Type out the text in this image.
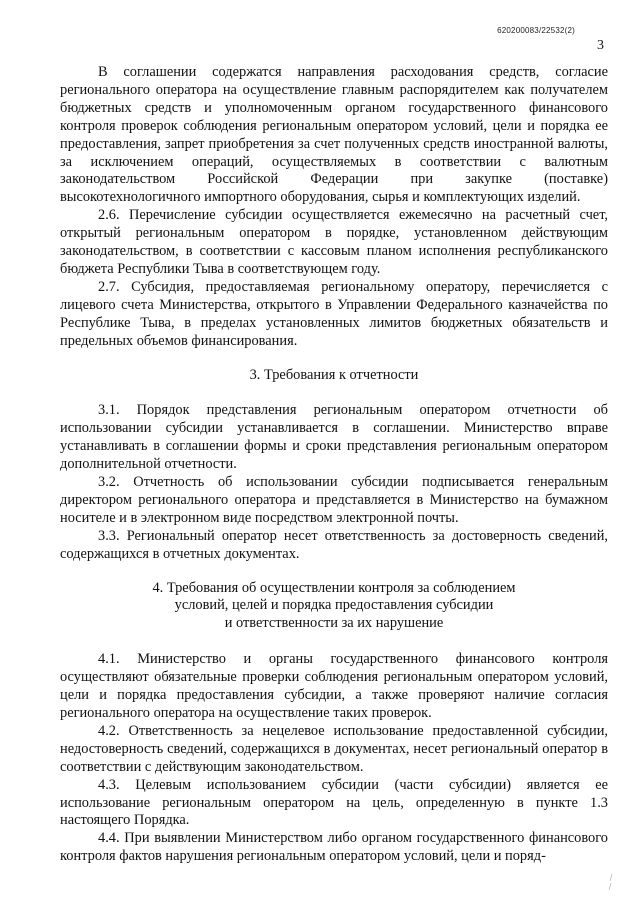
620200083/22532(2)
3

В соглашении содержатся направления расходования средств, согласие регионального оператора на осуществление главным распорядителем как получателем бюджетных средств и уполномоченным органом государственного финансового контроля проверок соблюдения региональным оператором условий, цели и порядка ее предоставления, запрет приобретения за счет полученных средств иностранной валюты, за исключением операций, осуществляемых в соответствии с валютным законодательством Российской Федерации при закупке (поставке) высокотехнологичного импортного оборудования, сырья и комплектующих изделий.

2.6. Перечисление субсидии осуществляется ежемесячно на расчетный счет, открытый региональным оператором в порядке, установленном действующим законодательством, в соответствии с кассовым планом исполнения республиканского бюджета Республики Тыва в соответствующем году.

2.7. Субсидия, предоставляемая региональному оператору, перечисляется с лицевого счета Министерства, открытого в Управлении Федерального казначейства по Республике Тыва, в пределах установленных лимитов бюджетных обязательств и предельных объемов финансирования.

3. Требования к отчетности

3.1. Порядок представления региональным оператором отчетности об использовании субсидии устанавливается в соглашении. Министерство вправе устанавливать в соглашении формы и сроки представления региональным оператором дополнительной отчетности.

3.2. Отчетность об использовании субсидии подписывается генеральным директором регионального оператора и представляется в Министерство на бумажном носителе и в электронном виде посредством электронной почты.

3.3. Региональный оператор несет ответственность за достоверность сведений, содержащихся в отчетных документах.

4. Требования об осуществлении контроля за соблюдением
условий, целей и порядка предоставления субсидии
и ответственности за их нарушение

4.1. Министерство и органы государственного финансового контроля осуществляют обязательные проверки соблюдения региональным оператором условий, цели и порядка предоставления субсидии, а также проверяют наличие согласия регионального оператора на осуществление таких проверок.

4.2. Ответственность за нецелевое использование предоставленной субсидии, недостоверность сведений, содержащихся в документах, несет региональный оператор в соответствии с действующим законодательством.

4.3. Целевым использованием субсидии (части субсидии) является ее использование региональным оператором на цель, определенную в пункте 1.3 настоящего Порядка.

4.4. При выявлении Министерством либо органом государственного финансового контроля фактов нарушения региональным оператором условий, цели и поряд-
